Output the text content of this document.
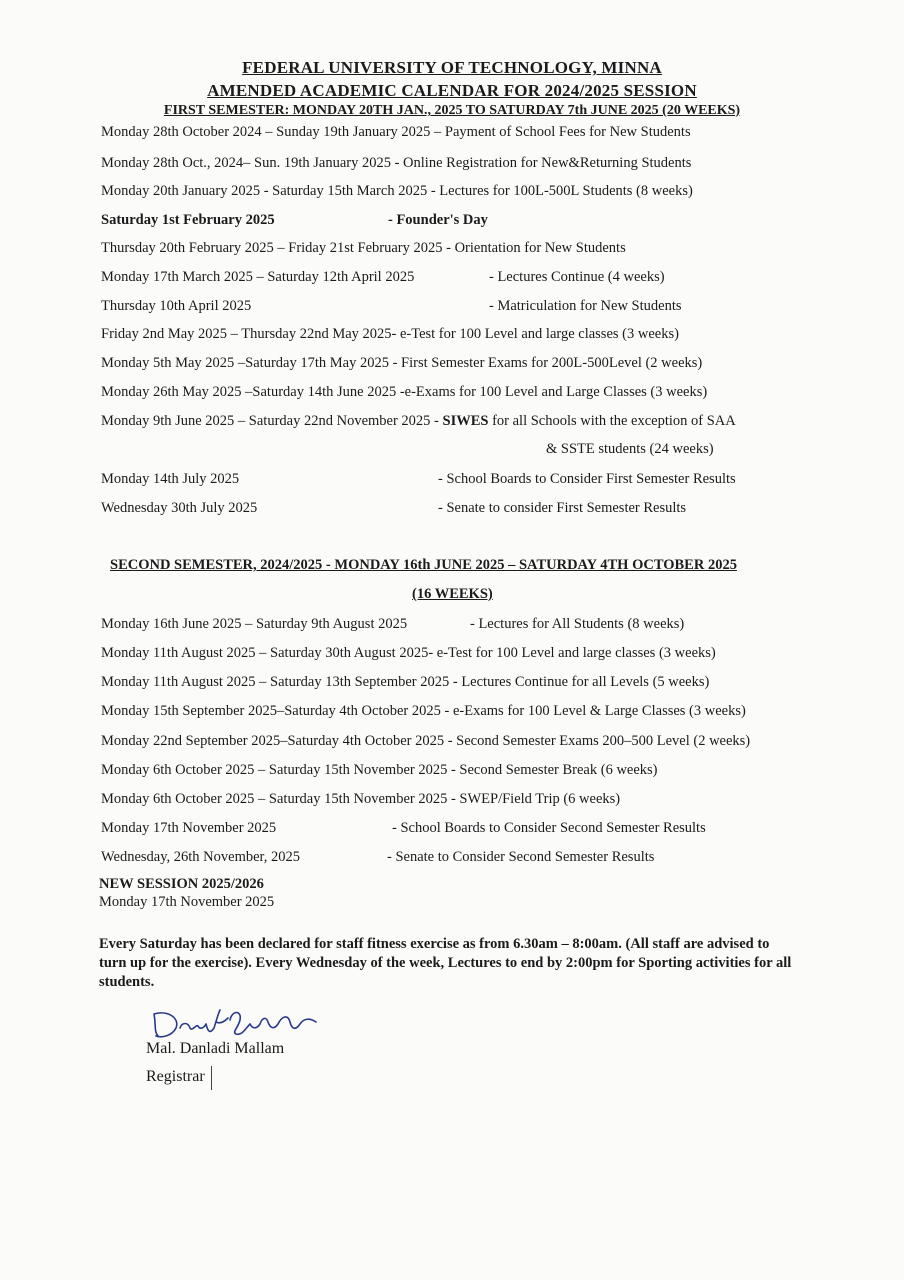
FEDERAL UNIVERSITY OF TECHNOLOGY, MINNA
AMENDED ACADEMIC CALENDAR FOR 2024/2025 SESSION
FIRST SEMESTER: MONDAY 20TH JAN., 2025 TO SATURDAY 7th JUNE 2025 (20 WEEKS)
Monday 28th October 2024 – Sunday 19th January 2025 – Payment of School Fees for New Students
Monday 28th Oct., 2024– Sun. 19th January 2025 - Online Registration for New&Returning Students
Monday 20th January 2025 - Saturday 15th March 2025 - Lectures for 100L-500L Students (8 weeks)
Saturday 1st February 2025	- Founder's Day
Thursday 20th February 2025 – Friday 21st February 2025 - Orientation for New Students
Monday 17th March 2025 – Saturday 12th April 2025	- Lectures Continue (4 weeks)
Thursday 10th April 2025	- Matriculation for New Students
Friday 2nd May 2025 – Thursday 22nd May 2025- e-Test for 100 Level and large classes (3 weeks)
Monday 5th May 2025 –Saturday 17th May 2025 - First Semester Exams for 200L-500Level (2 weeks)
Monday 26th May 2025 –Saturday 14th June 2025 -e-Exams for 100 Level and Large Classes (3 weeks)
Monday 9th June 2025 – Saturday 22nd November 2025 - SIWES for all Schools with the exception of SAA
& SSTE students (24 weeks)
Monday 14th July 2025	- School Boards to Consider First Semester Results
Wednesday 30th July 2025	- Senate to consider First Semester Results
SECOND SEMESTER, 2024/2025 - MONDAY 16th JUNE 2025 – SATURDAY 4TH OCTOBER 2025
(16 WEEKS)
Monday 16th June 2025 – Saturday 9th August 2025	- Lectures for All Students (8 weeks)
Monday 11th August 2025 – Saturday 30th August 2025- e-Test for 100 Level and large classes (3 weeks)
Monday 11th August 2025 – Saturday 13th September 2025 - Lectures Continue for all Levels (5 weeks)
Monday 15th September 2025–Saturday 4th October 2025 - e-Exams for 100 Level & Large Classes (3 weeks)
Monday 22nd September 2025–Saturday 4th October 2025 - Second Semester Exams 200–500 Level (2 weeks)
Monday 6th October 2025 – Saturday 15th November 2025 - Second Semester Break (6 weeks)
Monday 6th October 2025 – Saturday 15th November 2025 - SWEP/Field Trip (6 weeks)
Monday 17th November 2025	- School Boards to Consider Second Semester Results
Wednesday, 26th November, 2025	- Senate to Consider Second Semester Results
NEW SESSION 2025/2026
Monday 17th November 2025
Every Saturday has been declared for staff fitness exercise as from 6.30am – 8:00am. (All staff are advised to turn up for the exercise). Every Wednesday of the week, Lectures to end by 2:00pm for Sporting activities for all students.
Mal. Danladi Mallam
Registrar
